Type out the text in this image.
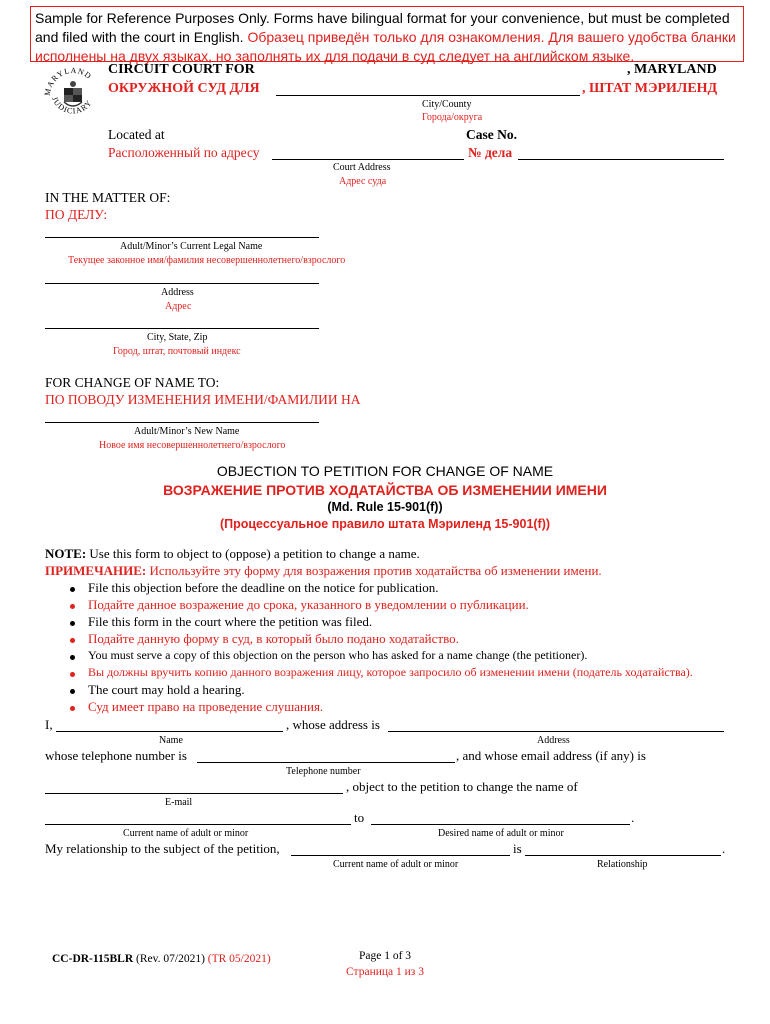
Sample for Reference Purposes Only. Forms have bilingual format for your convenience, but must be completed and filed with the court in English. Образец приведён только для ознакомления. Для вашего удобства бланки исполнены на двух языках, но заполнять их для подачи в суд следует на английском языке.
MARYLAND
JUDICIARY
CIRCUIT COURT FOR	, MARYLAND
ОКРУЖНОЙ СУД ДЛЯ	, ШТАТ МЭРИЛЕНД
City/County
Города/округа
Located at	Case No.
Расположенный по адресу	№ дела
Court Address
Адрес суда
IN THE MATTER OF:
ПО ДЕЛУ:
Adult/Minor’s Current Legal Name
Текущее законное имя/фамилия несовершеннолетнего/взрослого
Address
Адрес
City, State, Zip
Город, штат, почтовый индекс
FOR CHANGE OF NAME TO:
ПО ПОВОДУ ИЗМЕНЕНИЯ ИМЕНИ/ФАМИЛИИ НА
Adult/Minor’s New Name
Новое имя несовершеннолетнего/взрослого
OBJECTION TO PETITION FOR CHANGE OF NAME
ВОЗРАЖЕНИЕ ПРОТИВ ХОДАТАЙСТВА ОБ ИЗМЕНЕНИИ ИМЕНИ
(Md. Rule 15-901(f))
(Процессуальное правило штата Мэриленд 15-901(f))
NOTE: Use this form to object to (oppose) a petition to change a name.
ПРИМЕЧАНИЕ: Используйте эту форму для возражения против ходатайства об изменении имени.
File this objection before the deadline on the notice for publication.
Подайте данное возражение до срока, указанного в уведомлении о публикации.
File this form in the court where the petition was filed.
Подайте данную форму в суд, в который было подано ходатайство.
You must serve a copy of this objection on the person who has asked for a name change (the petitioner).
Вы должны вручить копию данного возражения лицу, которое запросило об изменении имени (податель ходатайства).
The court may hold a hearing.
Суд имеет право на проведение слушания.
I,	, whose address is
Name	Address
whose telephone number is	, and whose email address (if any) is
Telephone number
, object to the petition to change the name of
E-mail
to	.
Current name of adult or minor	Desired name of adult or minor
My relationship to the subject of the petition,	is	.
Current name of adult or minor	Relationship
CC-DR-115BLR (Rev. 07/2021) (TR 05/2021)	Page 1 of 3
Страница 1 из 3
